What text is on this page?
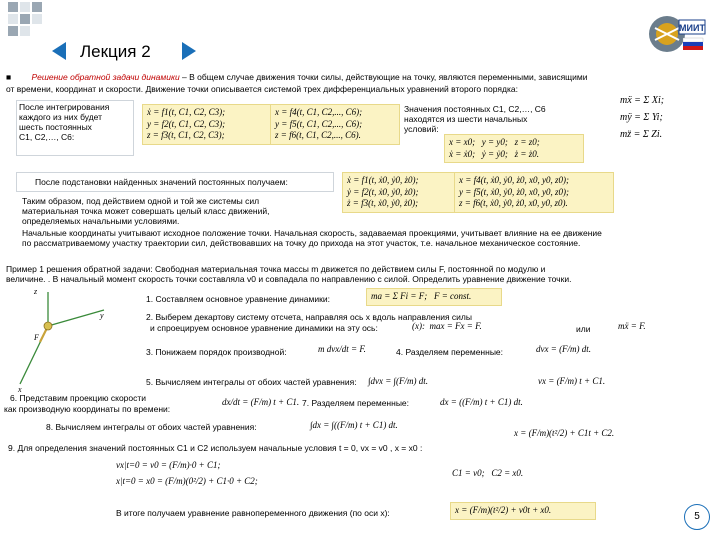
Лекция 2
МИИТ
■ Решение обратной задачи динамики – В общем случае движения точки силы, действующие на точку, являются переменными, зависящими
от времени, координат и скорости. Движение точки описывается системой трех дифференциальных уравнений второго порядка:
После интегрирования
каждого из них будет
шесть постоянных
C1, C2,…, C6:
ẋ = f1(t, C1, C2, C3);
y = f2(t, C1, C2, C3);
z = f3(t, C1, C2, C3);
x = f4(t, C1, C2,..., C6);
y = f5(t, C1, C2,..., C6);
z = f6(t, C1, C2,..., C6).
Значения постоянных C1, C2,…, C6
находятся из шести начальных
условий:
x = x0;   y = y0;   z = z0;
ẋ = ẋ0;   ẏ = ẏ0;   ż = ż0.
mẍ = Σ Xi;
mÿ = Σ Yi;
mz̈ = Σ Zi.
После подстановки найденных значений постоянных получаем:	ẋ = f1(t, ẋ0, ẏ0, ż0);
ẏ = f2(t, ẋ0, ẏ0, ż0);
ż = f3(t, ẋ0, ẏ0, ż0);
x = f4(t, ẋ0, ẏ0, ż0, x0, y0, z0);
y = f5(t, ẋ0, ẏ0, ż0, x0, y0, z0);
z = f6(t, ẋ0, ẏ0, ż0, x0, y0, z0).
Таким образом, под действием одной и той же системы сил
материальная точка может совершать целый класс движений,
определяемых начальными условиями.
Начальные координаты учитывают исходное положение точки. Начальная скорость, задаваемая проекциями, учитывает влияние на ее движение
по рассматриваемому участку траектории сил, действовавших на точку до прихода на этот участок, т.е. начальное механическое состояние.
Пример 1 решения обратной задачи: Свободная материальная точка массы m движется по действием силы F, постоянной по модулю и
величине. . В начальный момент скорость точки составляла v0 и совпадала по направлению с силой. Определить уравнение движение точки.
z
y
x
F
1. Составляем основное уравнение динамики:	ma = Σ Fi = F;   F = const.
2. Выберем декартову систему отсчета, направляя ось x вдоль направления силы
и спроецируем основное уравнение динамики на эту ось:	(x):  max = Fx = F.	или	mẍ = F.
3. Понижаем порядок производной:	m dvx/dt = F.	4. Разделяем переменные:	dvx = (F/m) dt.
5. Вычисляем интегралы от обоих частей уравнения: ∫dvx = ∫(F/m) dt.	vx = (F/m) t + C1.
6. Представим проекцию скорости
как производную координаты по времени:
dx/dt = (F/m) t + C1. 7. Разделяем переменные:	dx = ((F/m) t + C1) dt.
8. Вычисляем интегралы от обоих частей уравнения:	∫dx = ∫((F/m) t + C1) dt.
x = (F/m)(t²/2) + C1t + C2.
9. Для определения значений постоянных C1 и C2 используем начальные условия t = 0, vx = v0 , x = x0 :
vx|t=0 = v0 = (F/m)·0 + C1;
x|t=0 = x0 = (F/m)(0²/2) + C1·0 + C2;
C1 = v0;   C2 = x0.
В итоге получаем уравнение равнопеременного движения (по оси x):	x = (F/m)(t²/2) + v0t + x0.
5
